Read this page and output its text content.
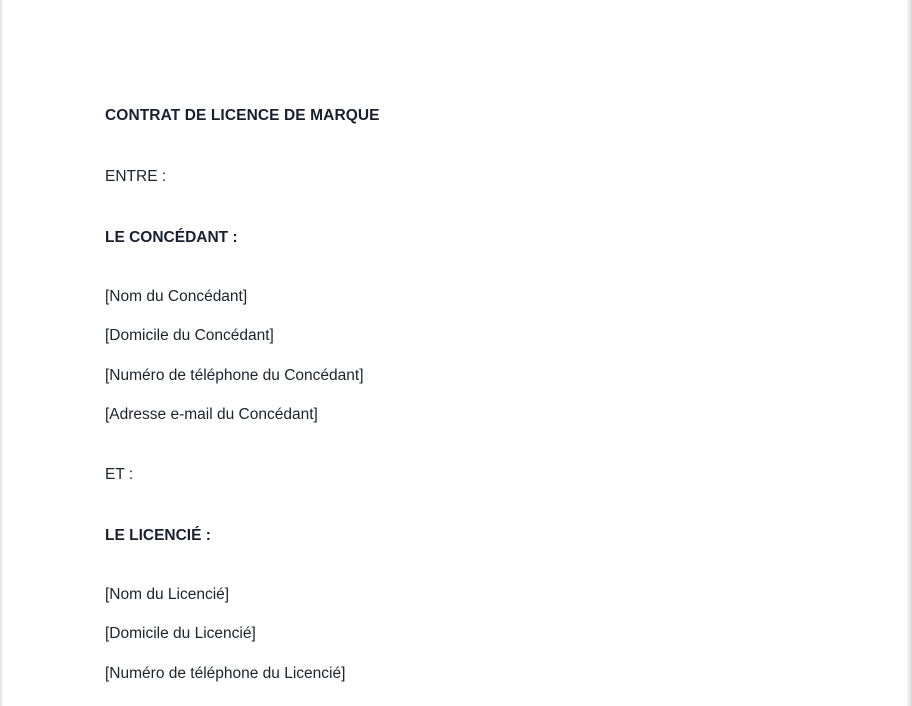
CONTRAT DE LICENCE DE MARQUE
ENTRE :
LE CONCÉDANT :
[Nom du Concédant]
[Domicile du Concédant]
[Numéro de téléphone du Concédant]
[Adresse e-mail du Concédant]
ET :
LE LICENCIÉ :
[Nom du Licencié]
[Domicile du Licencié]
[Numéro de téléphone du Licencié]
